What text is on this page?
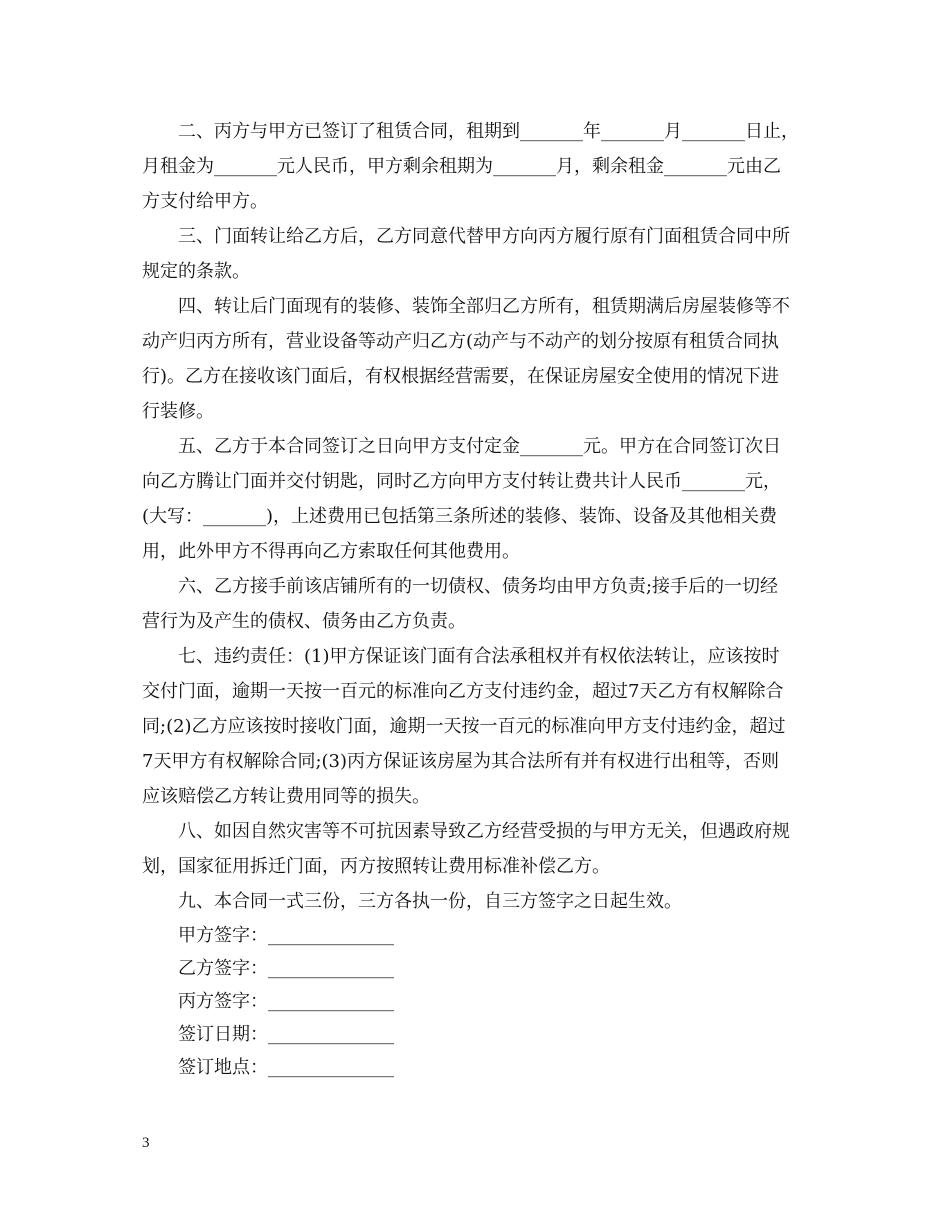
二、丙方与甲方已签订了租赁合同，租期到_______年_______月_______日止，
月租金为_______元人民币，甲方剩余租期为_______月，剩余租金_______元由乙
方支付给甲方。

三、门面转让给乙方后，乙方同意代替甲方向丙方履行原有门面租赁合同中所
规定的条款。

四、转让后门面现有的装修、装饰全部归乙方所有，租赁期满后房屋装修等不
动产归丙方所有，营业设备等动产归乙方(动产与不动产的划分按原有租赁合同执
行)。乙方在接收该门面后，有权根据经营需要，在保证房屋安全使用的情况下进
行装修。

五、乙方于本合同签订之日向甲方支付定金_______元。甲方在合同签订次日
向乙方腾让门面并交付钥匙，同时乙方向甲方支付转让费共计人民币_______元，
(大写：_______)，上述费用已包括第三条所述的装修、装饰、设备及其他相关费
用，此外甲方不得再向乙方索取任何其他费用。

六、乙方接手前该店铺所有的一切债权、债务均由甲方负责;接手后的一切经
营行为及产生的债权、债务由乙方负责。

七、违约责任：(1)甲方保证该门面有合法承租权并有权依法转让，应该按时
交付门面，逾期一天按一百元的标准向乙方支付违约金，超过7天乙方有权解除合
同;(2)乙方应该按时接收门面，逾期一天按一百元的标准向甲方支付违约金，超过
7天甲方有权解除合同;(3)丙方保证该房屋为其合法所有并有权进行出租等，否则
应该赔偿乙方转让费用同等的损失。

八、如因自然灾害等不可抗因素导致乙方经营受损的与甲方无关，但遇政府规
划，国家征用拆迁门面，丙方按照转让费用标准补偿乙方。

九、本合同一式三份，三方各执一份，自三方签字之日起生效。

甲方签字：______________
乙方签字：______________
丙方签字：______________
签订日期：______________
签订地点：______________
3
